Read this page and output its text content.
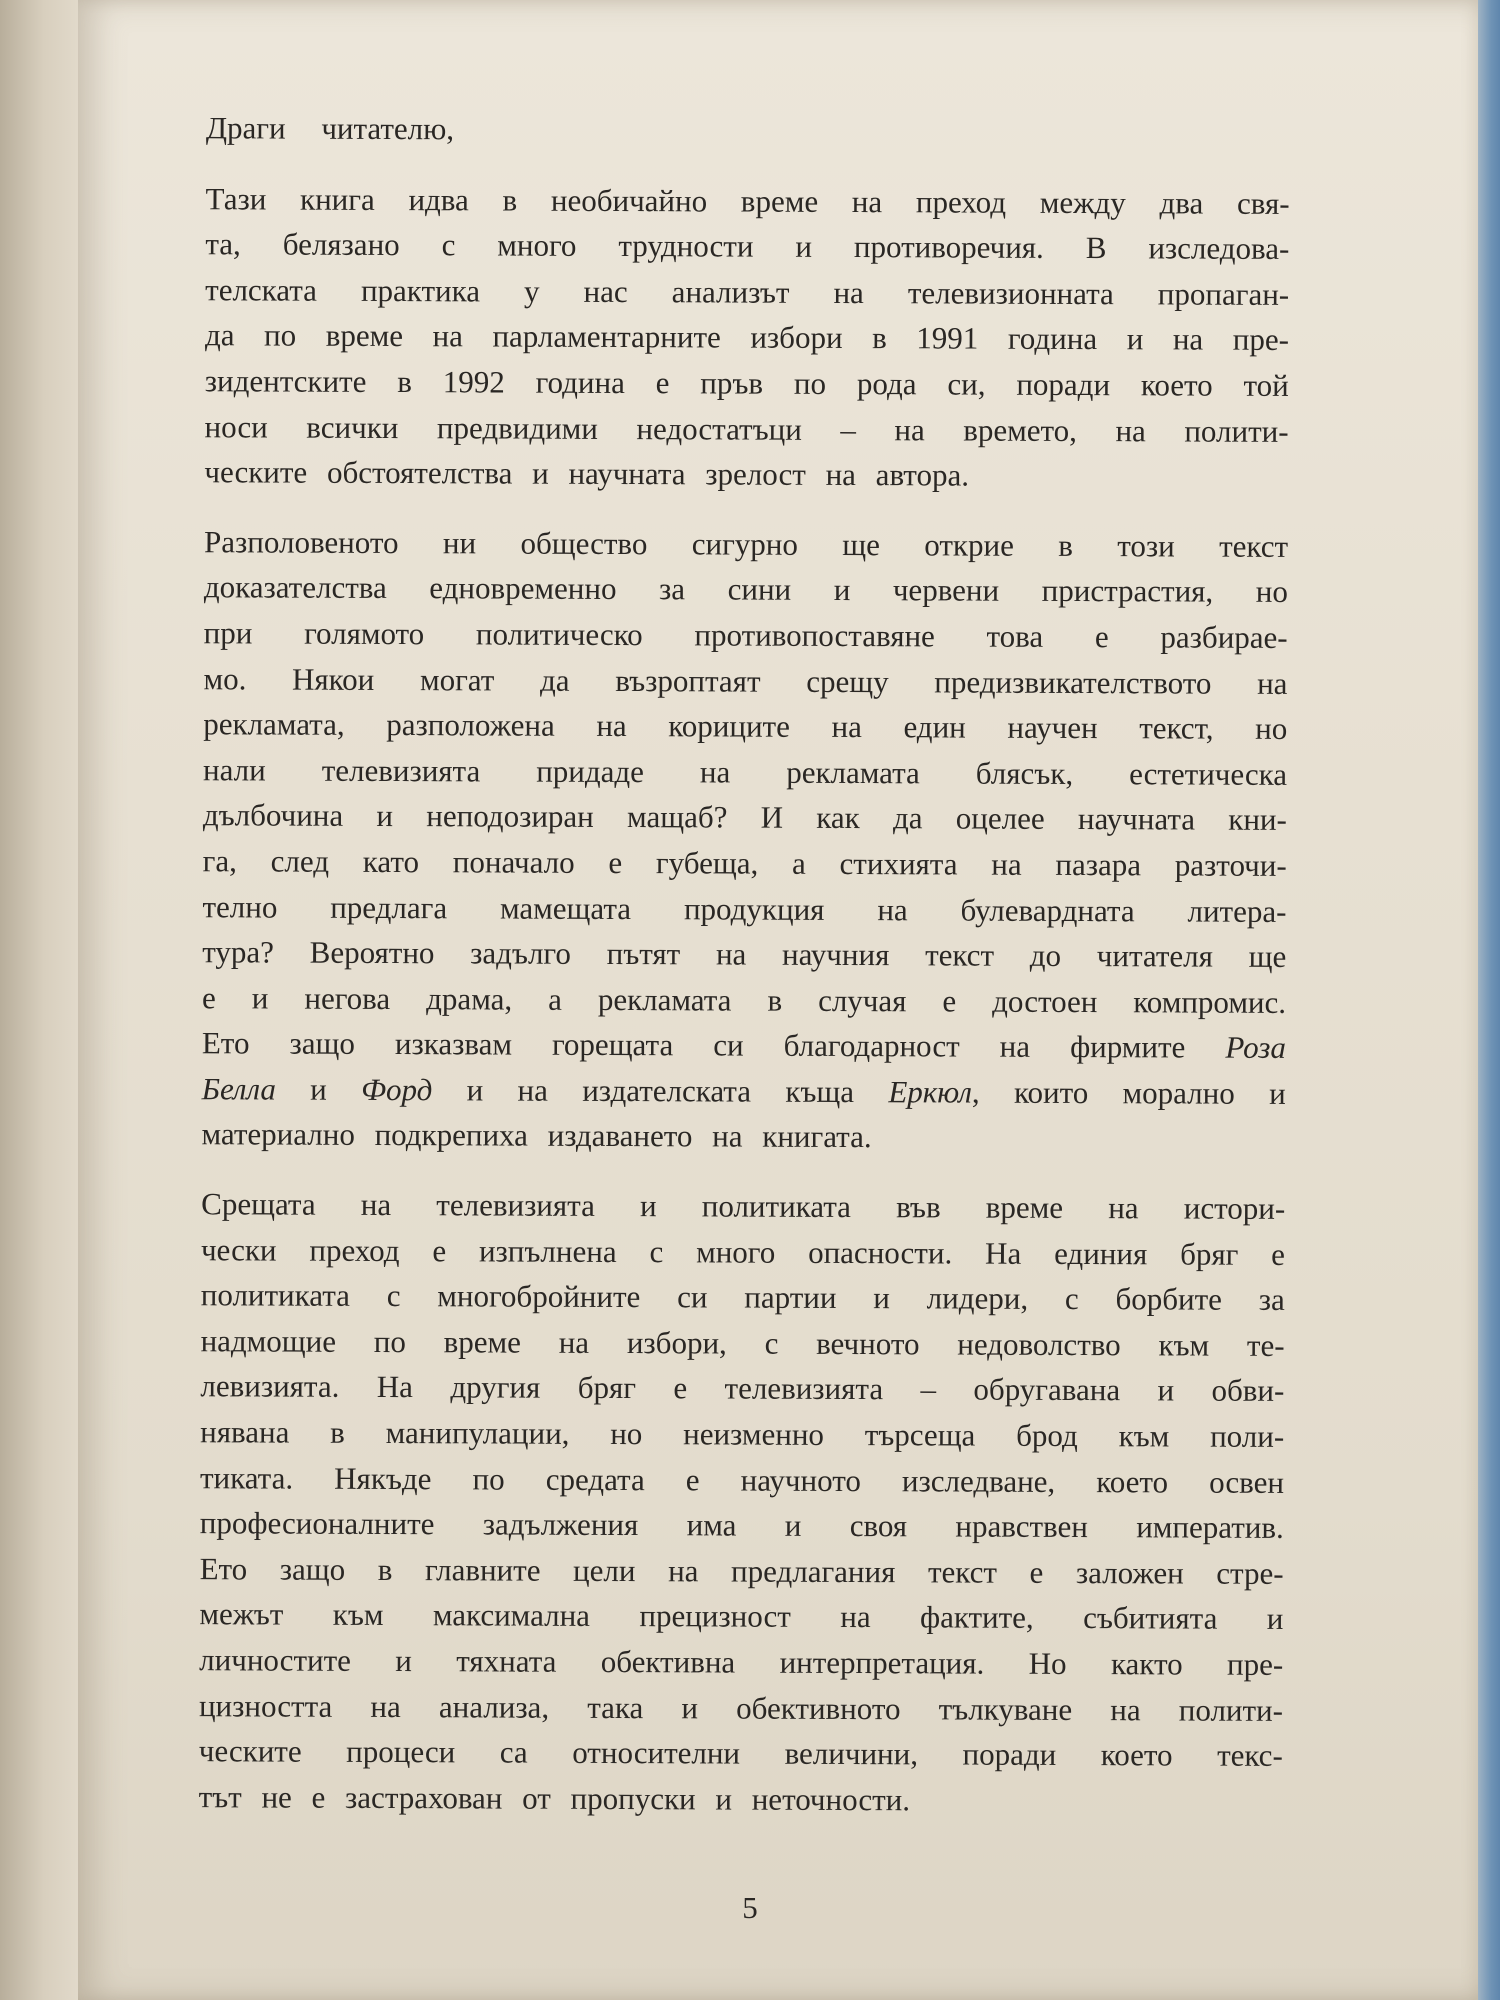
Драги читателю,
Тази книга идва в необичайно време на преход между два свя-
та, белязано с много трудности и противоречия. В изследова-
телската практика у нас анализът на телевизионната пропаган-
да по време на парламентарните избори в 1991 година и на пре-
зидентските в 1992 година е пръв по рода си, поради което той
носи всички предвидими недостатъци – на времето, на полити-
ческите обстоятелства и научната зрелост на автора.
Разполовеното ни общество сигурно ще открие в този текст
доказателства едновременно за сини и червени пристрастия, но
при голямото политическо противопоставяне това е разбирае-
мо. Някои могат да възроптаят срещу предизвикателството на
рекламата, разположена на кориците на един научен текст, но
нали телевизията придаде на рекламата блясък, естетическа
дълбочина и неподозиран мащаб? И как да оцелее научната кни-
га, след като поначало е губеща, а стихията на пазара разточи-
телно предлага мамещата продукция на булевардната литера-
тура? Вероятно задълго пътят на научния текст до читателя ще
е и негова драма, а рекламата в случая е достоен компромис.
Ето защо изказвам горещата си благодарност на фирмите Роза
Белла и Форд и на издателската къща Еркюл, които морално и
материално подкрепиха издаването на книгата.
Срещата на телевизията и политиката във време на истори-
чески преход е изпълнена с много опасности. На единия бряг е
политиката с многобройните си партии и лидери, с борбите за
надмощие по време на избори, с вечното недоволство към те-
левизията. На другия бряг е телевизията – обругавана и обви-
нявана в манипулации, но неизменно търсеща брод към поли-
тиката. Някъде по средата е научното изследване, което освен
професионалните задължения има и своя нравствен императив.
Ето защо в главните цели на предлагания текст е заложен стре-
межът към максимална прецизност на фактите, събитията и
личностите и тяхната обективна интерпретация. Но както пре-
цизността на анализа, така и обективното тълкуване на полити-
ческите процеси са относителни величини, поради което текс-
тът не е застрахован от пропуски и неточности.
5
